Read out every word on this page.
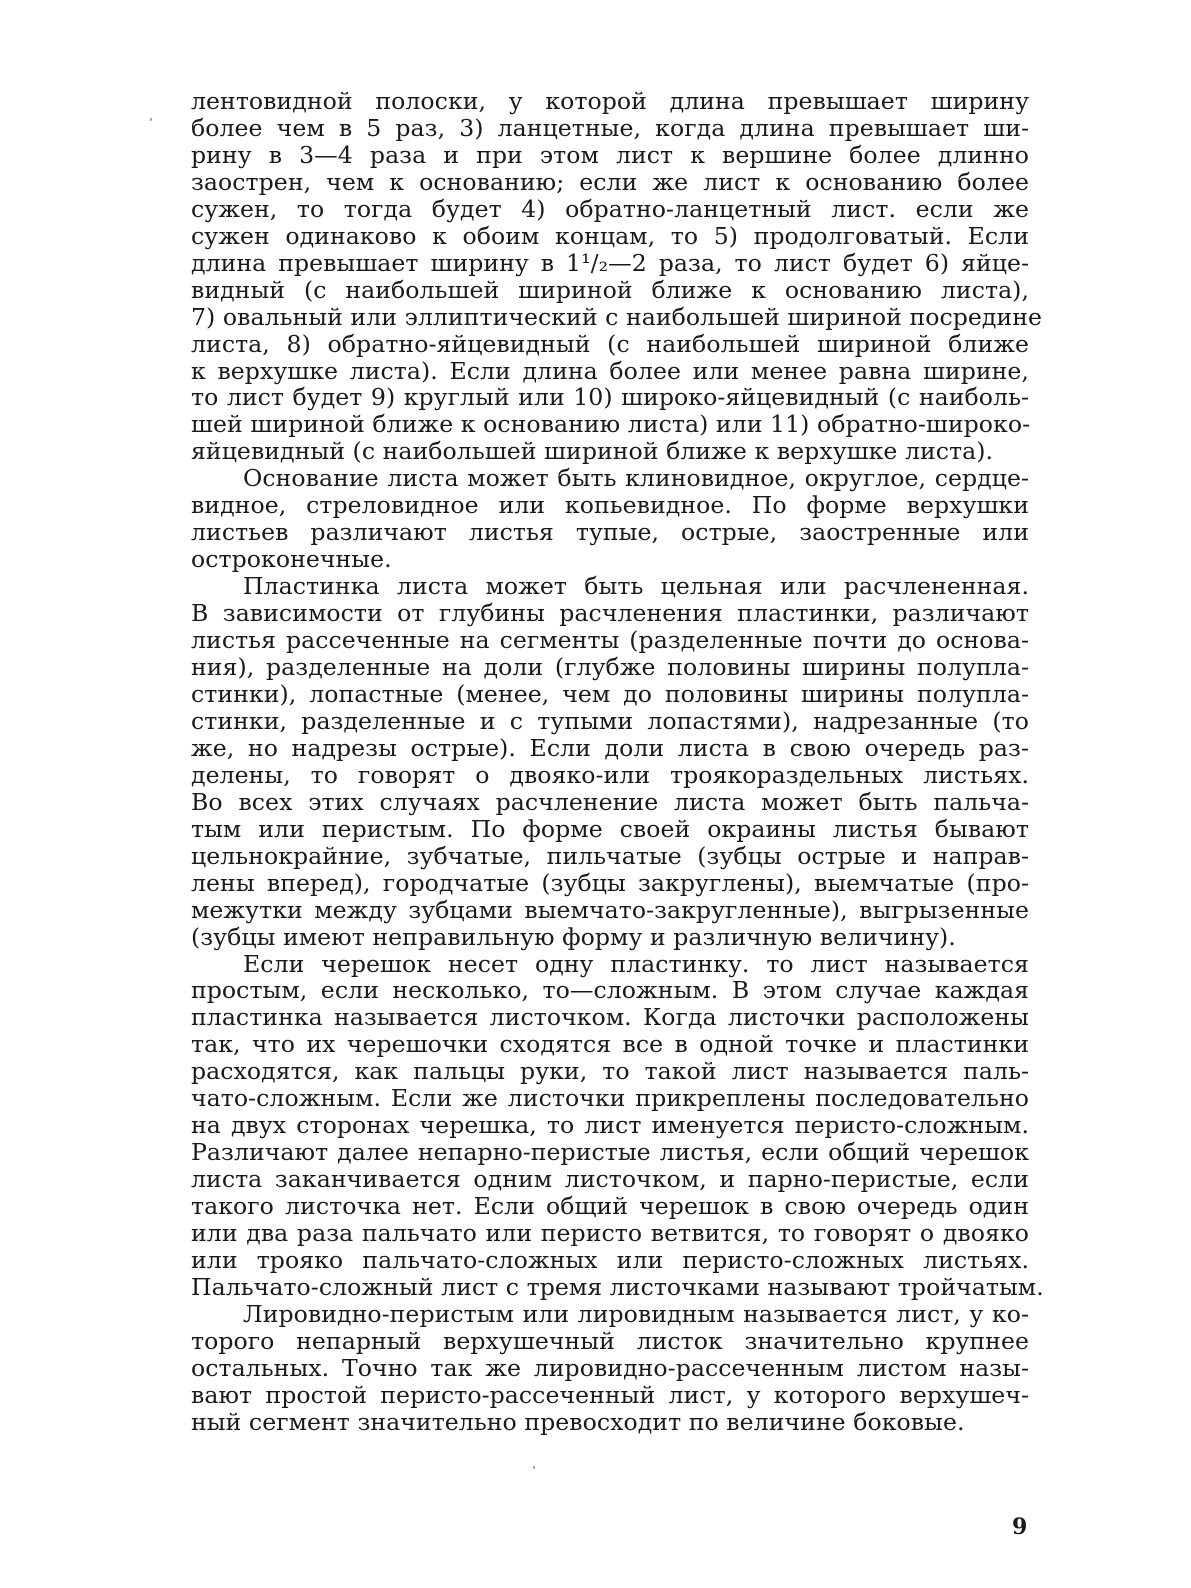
лентовидной полоски, у которой длина превышает ширину
более чем в 5 раз, 3) ланцетные, когда длина превышает ши-
рину в 3—4 раза и при этом лист к вершине более длинно
заострен, чем к основанию; если же лист к основанию более
сужен, то тогда будет 4) обратно-ланцетный лист. если же
сужен одинаково к обоим концам, то 5) продолговатый. Если
длина превышает ширину в 1¹/₂—2 раза, то лист будет 6) яйце-
видный (с наибольшей шириной ближе к основанию листа),
7) овальный или эллиптический с наибольшей шириной посредине
листа, 8) обратно-яйцевидный (с наибольшей шириной ближе
к верхушке листа). Если длина более или менее равна ширине,
то лист будет 9) круглый или 10) широко-яйцевидный (с наиболь-
шей шириной ближе к основанию листа) или 11) обратно-широко-
яйцевидный (с наибольшей шириной ближе к верхушке листа).
Основание листа может быть клиновидное, округлое, сердце-
видное, стреловидное или копьевидное. По форме верхушки
листьев различают листья тупые, острые, заостренные или
остроконечные.
Пластинка листа может быть цельная или расчлененная.
В зависимости от глубины расчленения пластинки, различают
листья рассеченные на сегменты (разделенные почти до основа-
ния), разделенные на доли (глубже половины ширины полупла-
стинки), лопастные (менее, чем до половины ширины полупла-
стинки, разделенные и с тупыми лопастями), надрезанные (то
же, но надрезы острые). Если доли листа в свою очередь раз-
делены, то говорят о двояко-или троякораздельных листьях.
Во всех этих случаях расчленение листа может быть пальча-
тым или перистым. По форме своей окраины листья бывают
цельнокрайние, зубчатые, пильчатые (зубцы острые и направ-
лены вперед), городчатые (зубцы закруглены), выемчатые (про-
межутки между зубцами выемчато-закругленные), выгрызенные
(зубцы имеют неправильную форму и различную величину).
Если черешок несет одну пластинку. то лист называется
простым, если несколько, то—сложным. В этом случае каждая
пластинка называется листочком. Когда листочки расположены
так, что их черешочки сходятся все в одной точке и пластинки
расходятся, как пальцы руки, то такой лист называется паль-
чато-сложным. Если же листочки прикреплены последовательно
на двух сторонах черешка, то лист именуется перисто-сложным.
Различают далее непарно-перистые листья, если общий черешок
листа заканчивается одним листочком, и парно-перистые, если
такого листочка нет. Если общий черешок в свою очередь один
или два раза пальчато или перисто ветвится, то говорят о двояко
или трояко пальчато-сложных или перисто-сложных листьях.
Пальчато-сложный лист с тремя листочками называют тройчатым.
Лировидно-перистым или лировидным называется лист, у ко-
торого непарный верхушечный листок значительно крупнее
остальных. Точно так же лировидно-рассеченным листом назы-
вают простой перисто-рассеченный лист, у которого верхушеч-
ный сегмент значительно превосходит по величине боковые.
9
